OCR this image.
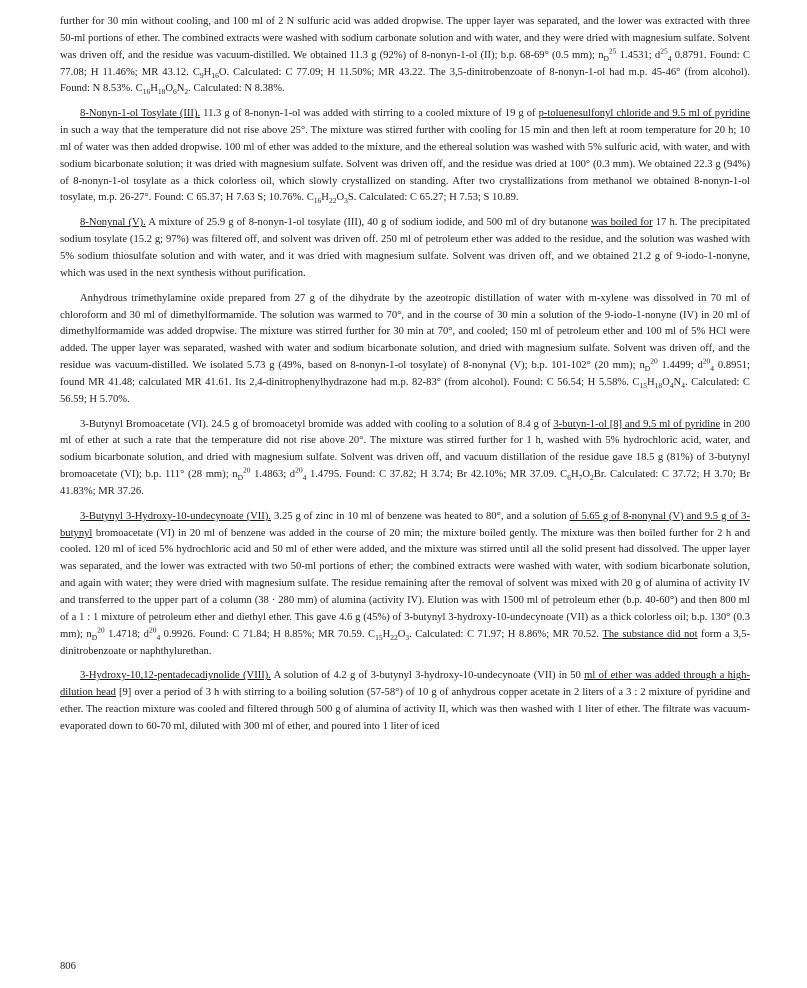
further for 30 min without cooling, and 100 ml of 2 N sulfuric acid was added dropwise. The upper layer was separated, and the lower was extracted with three 50-ml portions of ether. The combined extracts were washed with sodium carbonate solution and with water, and they were dried with magnesium sulfate. Solvent was driven off, and the residue was vacuum-distilled. We obtained 11.3 g (92%) of 8-nonyn-1-ol (II); b.p. 68-69° (0.5 mm); $n_D^{25}$ 1.4531; $d^{25}_4$ 0.8791. Found: C 77.08; H 11.46%; MR 43.12. $C_9H_{16}O$. Calculated: C 77.09; H 11.50%; MR 43.22. The 3,5-dinitrobenzoate of 8-nonyn-1-ol had m.p. 45-46° (from alcohol). Found: N 8.53%. $C_{16}H_{18}O_6N_2$. Calculated: N 8.38%.

8-Nonyn-1-ol Tosylate (III). 11.3 g of 8-nonyn-1-ol was added with stirring to a cooled mixture of 19 g of p-toluenesulfonyl chloride and 9.5 ml of pyridine in such a way that the temperature did not rise above 25°. The mixture was stirred further with cooling for 15 min and then left at room temperature for 20 h; 10 ml of water was then added dropwise. 100 ml of ether was added to the mixture, and the ethereal solution was washed with 5% sulfuric acid, with water, and with sodium bicarbonate solution; it was dried with magnesium sulfate. Solvent was driven off, and the residue was dried at 100° (0.3 mm). We obtained 22.3 g (94%) of 8-nonyn-1-ol tosylate as a thick colorless oil, which slowly crystallized on standing. After two crystallizations from methanol we obtained 8-nonyn-1-ol tosylate, m.p. 26-27°. Found: C 65.37; H 7.63 S; 10.76%. $C_{16}H_{22}O_3S$. Calculated: C 65.27; H 7.53; S 10.89.

8-Nonynal (V). A mixture of 25.9 g of 8-nonyn-1-ol tosylate (III), 40 g of sodium iodide, and 500 ml of dry butanone was boiled for 17 h. The precipitated sodium tosylate (15.2 g; 97%) was filtered off, and solvent was driven off. 250 ml of petroleum ether was added to the residue, and the solution was washed with 5% sodium thiosulfate solution and with water, and it was dried with magnesium sulfate. Solvent was driven off, and we obtained 21.2 g of 9-iodo-1-nonyne, which was used in the next synthesis without purification.

Anhydrous trimethylamine oxide prepared from 27 g of the dihydrate by the azeotropic distillation of water with m-xylene was dissolved in 70 ml of chloroform and 30 ml of dimethylformamide. The solution was warmed to 70°, and in the course of 30 min a solution of the 9-iodo-1-nonyne (IV) in 20 ml of dimethylformamide was added dropwise. The mixture was stirred further for 30 min at 70°, and cooled; 150 ml of petroleum ether and 100 ml of 5% HCl were added. The upper layer was separated, washed with water and sodium bicarbonate solution, and dried with magnesium sulfate. Solvent was driven off, and the residue was vacuum-distilled. We isolated 5.73 g (49%, based on 8-nonyn-1-ol tosylate) of 8-nonynal (V); b.p. 101-102° (20 mm); $n_D^{20}$ 1.4499; $d^{20}_4$ 0.8951; found MR 41.48; calculated MR 41.61. Its 2,4-dinitrophenylhydrazone had m.p. 82-83° (from alcohol). Found: C 56.54; H 5.58%. $C_{15}H_{18}O_4N_4$. Calculated: C 56.59; H 5.70%.

3-Butynyl Bromoacetate (VI). 24.5 g of bromoacetyl bromide was added with cooling to a solution of 8.4 g of 3-butyn-1-ol [8] and 9.5 ml of pyridine in 200 ml of ether at such a rate that the temperature did not rise above 20°. The mixture was stirred further for 1 h, washed with 5% hydrochloric acid, water, and sodium bicarbonate solution, and dried with magnesium sulfate. Solvent was driven off, and vacuum distillation of the residue gave 18.5 g (81%) of 3-butynyl bromoacetate (VI); b.p. 111° (28 mm); $n_D^{20}$ 1.4863; $d^{20}_4$ 1.4795. Found: C 37.82; H 3.74; Br 42.10%; MR 37.09. $C_6H_7O_2Br$. Calculated: C 37.72; H 3.70; Br 41.83%; MR 37.26.

3-Butynyl 3-Hydroxy-10-undecynoate (VII). 3.25 g of zinc in 10 ml of benzene was heated to 80°, and a solution of 5.65 g of 8-nonynal (V) and 9.5 g of 3-butynyl bromoacetate (VI) in 20 ml of benzene was added in the course of 20 min; the mixture boiled gently. The mixture was then boiled further for 2 h and cooled. 120 ml of iced 5% hydrochloric acid and 50 ml of ether were added, and the mixture was stirred until all the solid present had dissolved. The upper layer was separated, and the lower was extracted with two 50-ml portions of ether; the combined extracts were washed with water, with sodium bicarbonate solution, and again with water; they were dried with magnesium sulfate. The residue remaining after the removal of solvent was mixed with 20 g of alumina of activity IV and transferred to the upper part of a column (38 · 280 mm) of alumina (activity IV). Elution was with 1500 ml of petroleum ether (b.p. 40-60°) and then 800 ml of a 1 : 1 mixture of petroleum ether and diethyl ether. This gave 4.6 g (45%) of 3-butynyl 3-hydroxy-10-undecynoate (VII) as a thick colorless oil; b.p. 130° (0.3 mm); $n_D^{20}$ 1.4718; $d^{20}_4$ 0.9926. Found: C 71.84; H 8.85%; MR 70.59. $C_{15}H_{22}O_3$. Calculated: C 71.97; H 8.86%; MR 70.52. The substance did not form a 3,5-dinitrobenzoate or naphthylurethan.

3-Hydroxy-10,12-pentadecadiynolide (VIII). A solution of 4.2 g of 3-butynyl 3-hydroxy-10-undecynoate (VII) in 50 ml of ether was added through a high-dilution head [9] over a period of 3 h with stirring to a boiling solution (57-58°) of 10 g of anhydrous copper acetate in 2 liters of a 3 : 2 mixture of pyridine and ether. The reaction mixture was cooled and filtered through 500 g of alumina of activity II, which was then washed with 1 liter of ether. The filtrate was vacuum-evaporated down to 60-70 ml, diluted with 300 ml of ether, and poured into 1 liter of iced

806
